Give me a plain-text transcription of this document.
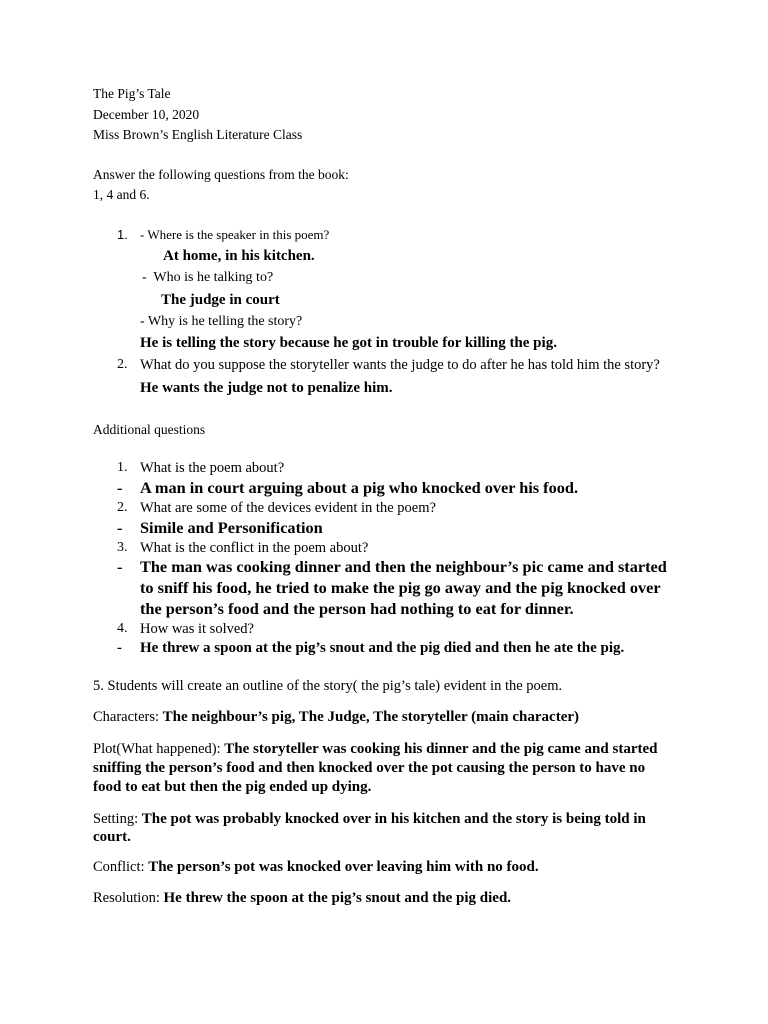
The Pig’s Tale
December 10, 2020
Miss Brown’s English Literature Class
Answer the following questions from the book:
1, 4 and 6.
1. - Where is the speaker in this poem?
At home, in his kitchen.
-  Who is he talking to?
The judge in court
- Why is he telling the story?
He is telling the story because he got in trouble for killing the pig.
2. What do you suppose the storyteller wants the judge to do after he has told him the story?
He wants the judge not to penalize him.
Additional questions
1. What is the poem about?
- A man in court arguing about a pig who knocked over his food.
2. What are some of the devices evident in the poem?
- Simile and Personification
3. What is the conflict in the poem about?
- The man was cooking dinner and then the neighbour’s pic came and started
to sniff his food, he tried to make the pig go away and the pig knocked over
the person’s food and the person had nothing to eat for dinner.
4. How was it solved?
- He threw a spoon at the pig’s snout and the pig died and then he ate the pig.
5. Students will create an outline of the story( the pig’s tale) evident in the poem.
Characters: The neighbour’s pig, The Judge, The storyteller (main character)
Plot(What happened): The storyteller was cooking his dinner and the pig came and started
sniffing the person’s food and then knocked over the pot causing the person to have no
food to eat but then the pig ended up dying.
Setting: The pot was probably knocked over in his kitchen and the story is being told in
court.
Conflict: The person’s pot was knocked over leaving him with no food.
Resolution: He threw the spoon at the pig’s snout and the pig died.
